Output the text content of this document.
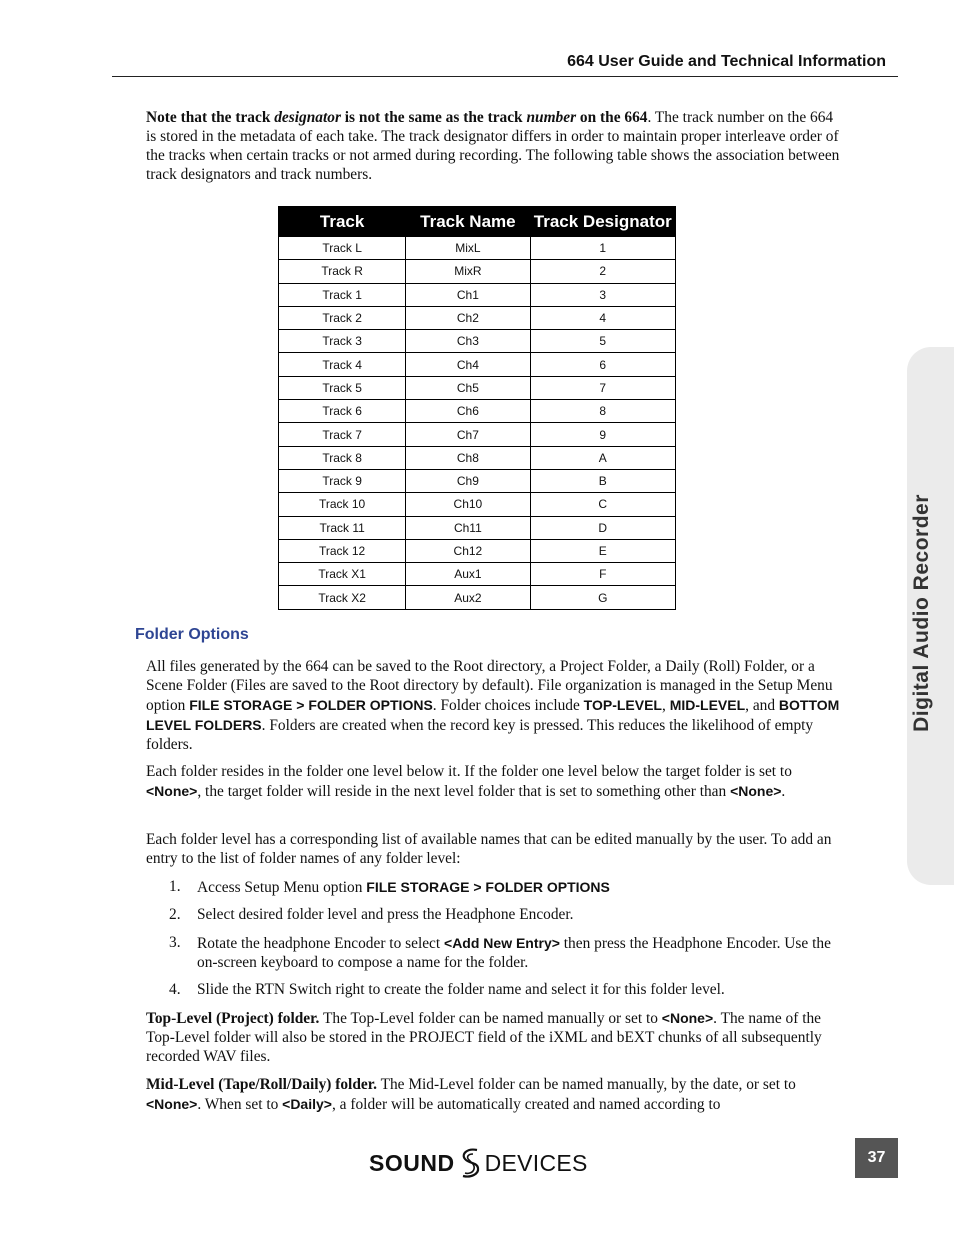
664 User Guide and Technical Information
Digital Audio Recorder

Note that the track designator is not the same as the track number on the 664. The track number on the 664 is stored in the metadata of each take. The track designator differs in order to maintain proper interleave order of the tracks when certain tracks or not armed during recording. The following table shows the association between track designators and track numbers.

Track	Track Name	Track Designator
Track L	MixL	1
Track R	MixR	2
Track 1	Ch1	3
Track 2	Ch2	4
Track 3	Ch3	5
Track 4	Ch4	6
Track 5	Ch5	7
Track 6	Ch6	8
Track 7	Ch7	9
Track 8	Ch8	A
Track 9	Ch9	B
Track 10	Ch10	C
Track 11	Ch11	D
Track 12	Ch12	E
Track X1	Aux1	F
Track X2	Aux2	G
Folder Options

All files generated by the 664 can be saved to the Root directory, a Project Folder, a Daily (Roll) Folder, or a Scene Folder (Files are saved to the Root directory by default). File organization is managed in the Setup Menu option FILE STORAGE > FOLDER OPTIONS. Folder choices include TOP-LEVEL, MID-LEVEL, and BOTTOM LEVEL FOLDERS. Folders are created when the record key is pressed. This reduces the likelihood of empty folders.

Each folder resides in the folder one level below it. If the folder one level below the target folder is set to <None>, the target folder will reside in the next level folder that is set to something other than <None>.

Each folder level has a corresponding list of available names that can be edited manually by the user. To add an entry to the list of folder names of any folder level:

1. Access Setup Menu option FILE STORAGE > FOLDER OPTIONS
2. Select desired folder level and press the Headphone Encoder.
3. Rotate the headphone Encoder to select <Add New Entry> then press the Headphone Encoder. Use the on-screen keyboard to compose a name for the folder.
4. Slide the RTN Switch right to create the folder name and select it for this folder level.

Top-Level (Project) folder. The Top-Level folder can be named manually or set to <None>. The name of the Top-Level folder will also be stored in the PROJECT field of the iXML and bEXT chunks of all subsequently recorded WAV files.

Mid-Level (Tape/Roll/Daily) folder. The Mid-Level folder can be named manually, by the date, or set to <None>. When set to <Daily>, a folder will be automatically created and named according to

SOUND DEVICES	37
